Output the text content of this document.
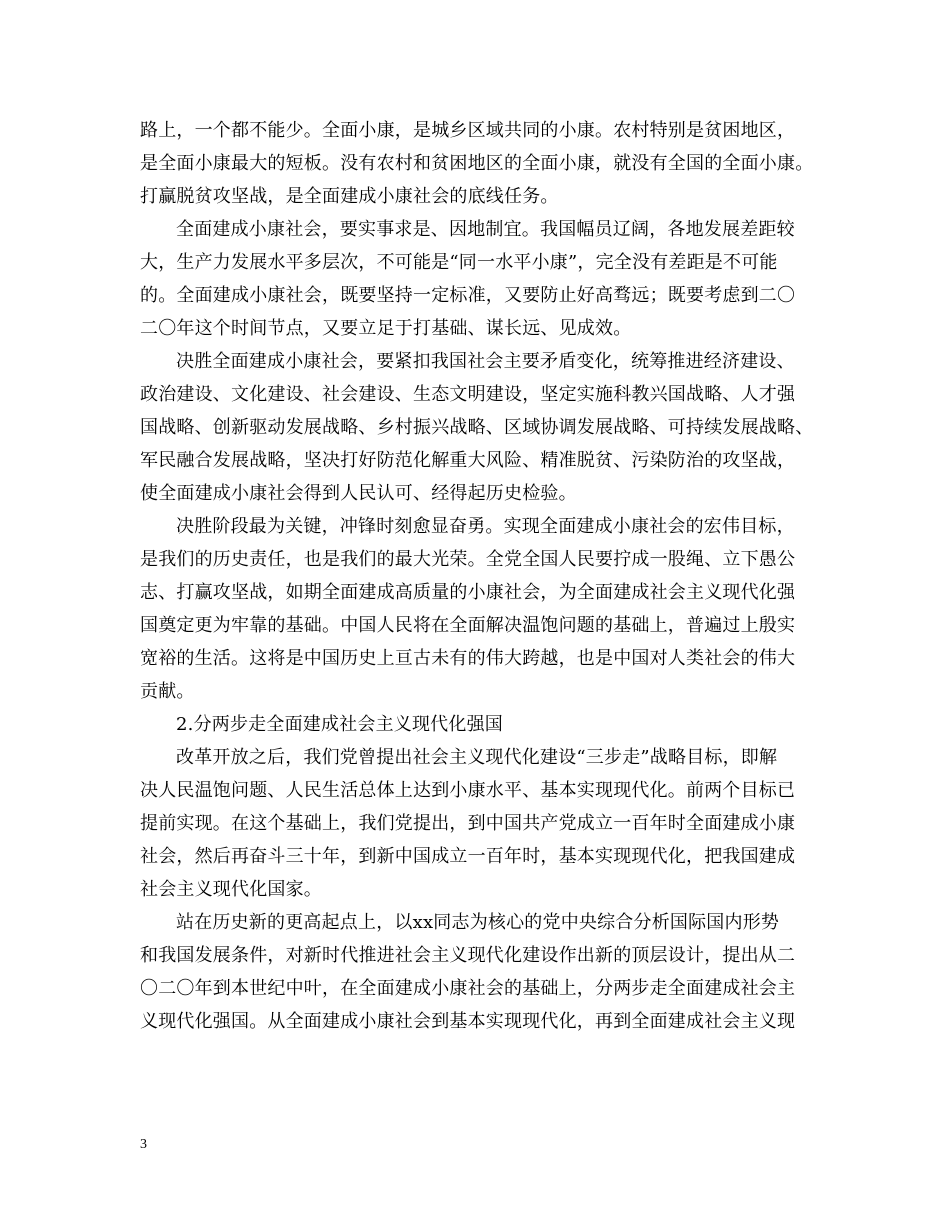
路上，一个都不能少。全面小康，是城乡区域共同的小康。农村特别是贫困地区，
是全面小康最大的短板。没有农村和贫困地区的全面小康，就没有全国的全面小康。
打赢脱贫攻坚战，是全面建成小康社会的底线任务。
全面建成小康社会，要实事求是、因地制宜。我国幅员辽阔，各地发展差距较
大，生产力发展水平多层次，不可能是“同一水平小康”，完全没有差距是不可能
的。全面建成小康社会，既要坚持一定标准，又要防止好高骛远；既要考虑到二〇
二〇年这个时间节点，又要立足于打基础、谋长远、见成效。
决胜全面建成小康社会，要紧扣我国社会主要矛盾变化，统筹推进经济建设、
政治建设、文化建设、社会建设、生态文明建设，坚定实施科教兴国战略、人才强
国战略、创新驱动发展战略、乡村振兴战略、区域协调发展战略、可持续发展战略、
军民融合发展战略，坚决打好防范化解重大风险、精准脱贫、污染防治的攻坚战，
使全面建成小康社会得到人民认可、经得起历史检验。
决胜阶段最为关键，冲锋时刻愈显奋勇。实现全面建成小康社会的宏伟目标，
是我们的历史责任，也是我们的最大光荣。全党全国人民要拧成一股绳、立下愚公
志、打赢攻坚战，如期全面建成高质量的小康社会，为全面建成社会主义现代化强
国奠定更为牢靠的基础。中国人民将在全面解决温饱问题的基础上，普遍过上殷实
宽裕的生活。这将是中国历史上亘古未有的伟大跨越，也是中国对人类社会的伟大
贡献。
2.分两步走全面建成社会主义现代化强国
改革开放之后，我们党曾提出社会主义现代化建设“三步走”战略目标，即解
决人民温饱问题、人民生活总体上达到小康水平、基本实现现代化。前两个目标已
提前实现。在这个基础上，我们党提出，到中国共产党成立一百年时全面建成小康
社会，然后再奋斗三十年，到新中国成立一百年时，基本实现现代化，把我国建成
社会主义现代化国家。
站在历史新的更高起点上，以xx同志为核心的党中央综合分析国际国内形势
和我国发展条件，对新时代推进社会主义现代化建设作出新的顶层设计，提出从二
〇二〇年到本世纪中叶，在全面建成小康社会的基础上，分两步走全面建成社会主
义现代化强国。从全面建成小康社会到基本实现现代化，再到全面建成社会主义现
3
